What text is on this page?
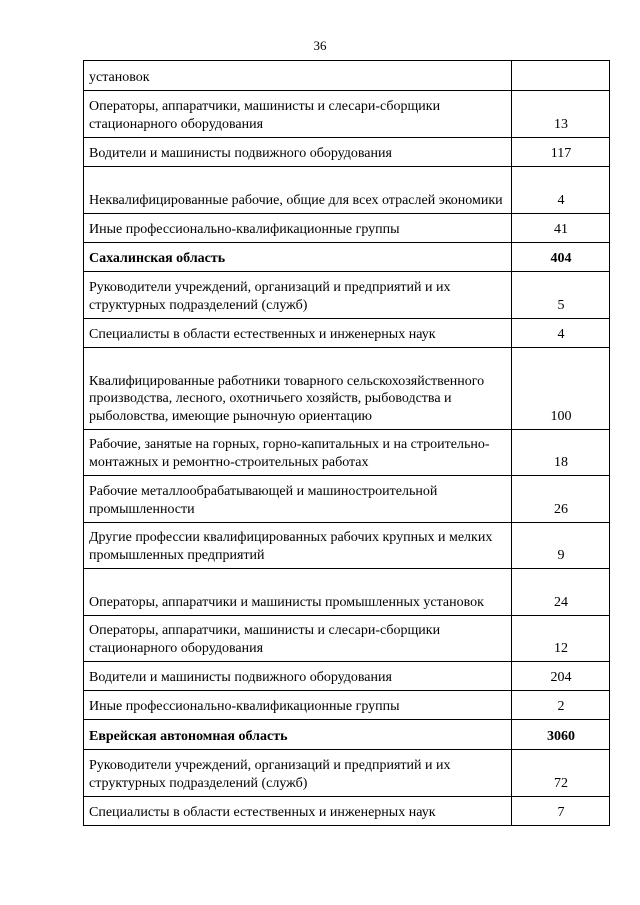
36
установок	
Операторы, аппаратчики, машинисты и слесари-сборщики стационарного оборудования	13
Водители и машинисты подвижного оборудования	117
Неквалифицированные рабочие, общие для всех отраслей экономики	4
Иные профессионально-квалификационные группы	41
Сахалинская область	404
Руководители учреждений, организаций и предприятий и их структурных подразделений (служб)	5
Специалисты в области естественных и инженерных наук	4
Квалифицированные работники товарного сельскохозяйственного производства, лесного, охотничьего хозяйств, рыбоводства и рыболовства, имеющие рыночную ориентацию	100
Рабочие, занятые на горных, горно-капитальных и на строительно-монтажных и ремонтно-строительных работах	18
Рабочие металлообрабатывающей и машиностроительной промышленности	26
Другие профессии квалифицированных рабочих крупных и мелких промышленных предприятий	9
Операторы, аппаратчики и машинисты промышленных установок	24
Операторы, аппаратчики, машинисты и слесари-сборщики стационарного оборудования	12
Водители и машинисты подвижного оборудования	204
Иные профессионально-квалификационные группы	2
Еврейская автономная область	3060
Руководители учреждений, организаций и предприятий и их структурных подразделений (служб)	72
Специалисты в области естественных и инженерных наук	7
